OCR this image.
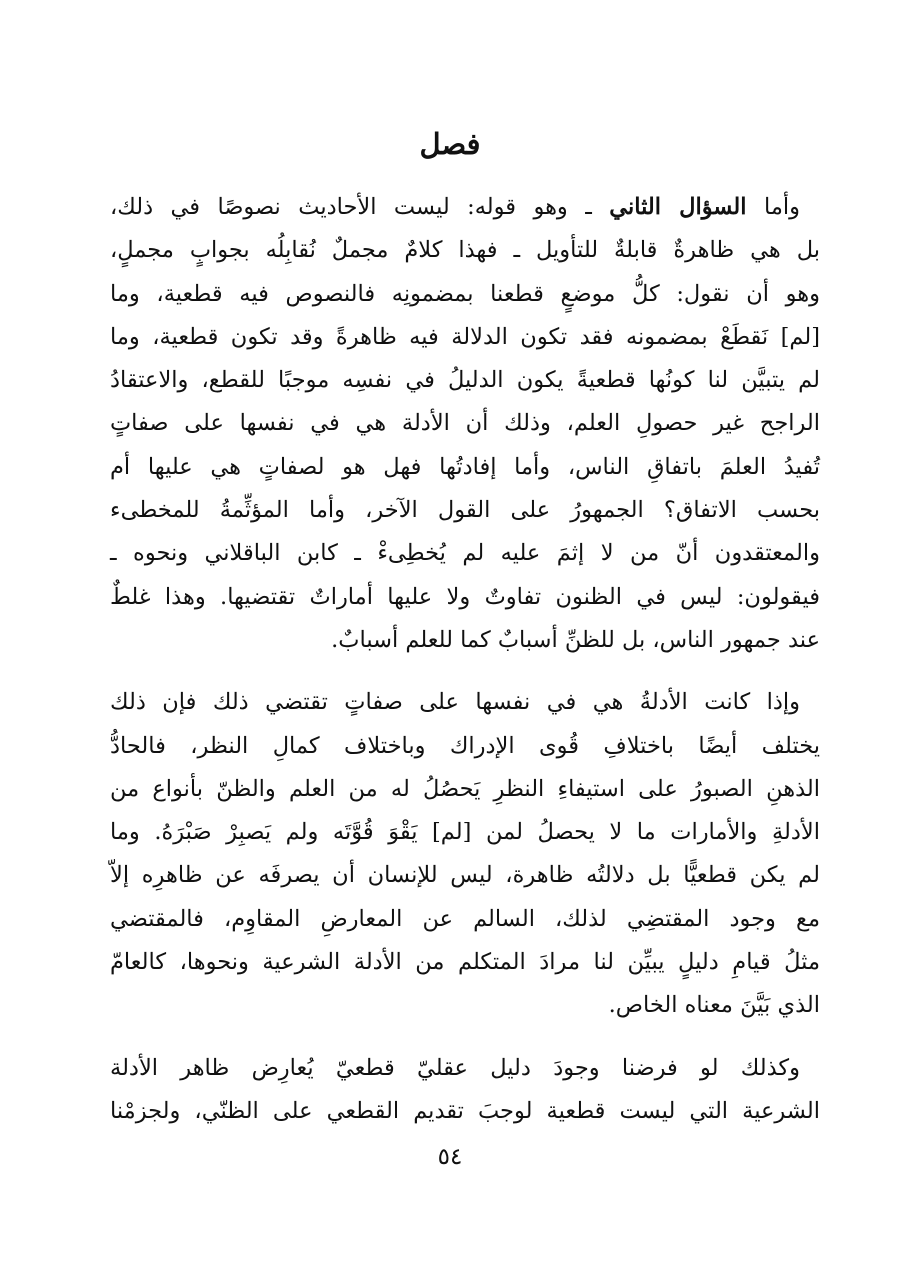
فصل

وأما السؤال الثاني ـ وهو قوله: ليست الأحاديث نصوصًا في ذلك،
بل هي ظاهرةٌ قابلةٌ للتأويل ـ فهذا كلامٌ مجملٌ نُقابِلُه بجوابٍ مجملٍ،
وهو أن نقول: كلُّ موضعٍ قطعنا بمضمونِه فالنصوص فيه قطعية، وما
[لم] نَقطَعْ بمضمونه فقد تكون الدلالة فيه ظاهرةً وقد تكون قطعية، وما
لم يتبيَّن لنا كونُها قطعيةً يكون الدليلُ في نفسِه موجبًا للقطع، والاعتقادُ
الراجح غير حصولِ العلم، وذلك أن الأدلة هي في نفسها على صفاتٍ
تُفيدُ العلمَ باتفاقِ الناس، وأما إفادتُها فهل هو لصفاتٍ هي عليها أم
بحسب الاتفاق؟ الجمهورُ على القول الآخر، وأما المؤثِّمةُ للمخطىء
والمعتقدون أنّ من لا إثمَ عليه لم يُخطِىءْ ـ كابن الباقلاني ونحوه ـ
فيقولون: ليس في الظنون تفاوتٌ ولا عليها أماراتٌ تقتضيها. وهذا غلطٌ
عند جمهور الناس، بل للظنِّ أسبابٌ كما للعلم أسبابٌ.

وإذا كانت الأدلةُ هي في نفسها على صفاتٍ تقتضي ذلك فإن ذلك
يختلف أيضًا باختلافِ قُوى الإدراك وباختلاف كمالِ النظر، فالحادُّ
الذهنِ الصبورُ على استيفاءِ النظرِ يَحصُلُ له من العلم والظنّ بأنواع من
الأدلةِ والأمارات ما لا يحصلُ لمن [لم] يَقْوَ قُوَّتَه ولم يَصبِرْ صَبْرَهُ. وما
لم يكن قطعيًّا بل دلالتُه ظاهرة، ليس للإنسان أن يصرفَه عن ظاهرِه إلاّ
مع وجود المقتضِي لذلك، السالم عن المعارضِ المقاوِم، فالمقتضي
مثلُ قيامِ دليلٍ يبيِّن لنا مرادَ المتكلم من الأدلة الشرعية ونحوها، كالعامّ
الذي بَيَّنَ معناه الخاص.

وكذلك لو فرضنا وجودَ دليل عقليّ قطعيّ يُعارِض ظاهر الأدلة
الشرعية التي ليست قطعية لوجبَ تقديم القطعي على الظنّي، ولجزمْنا

٥٤
